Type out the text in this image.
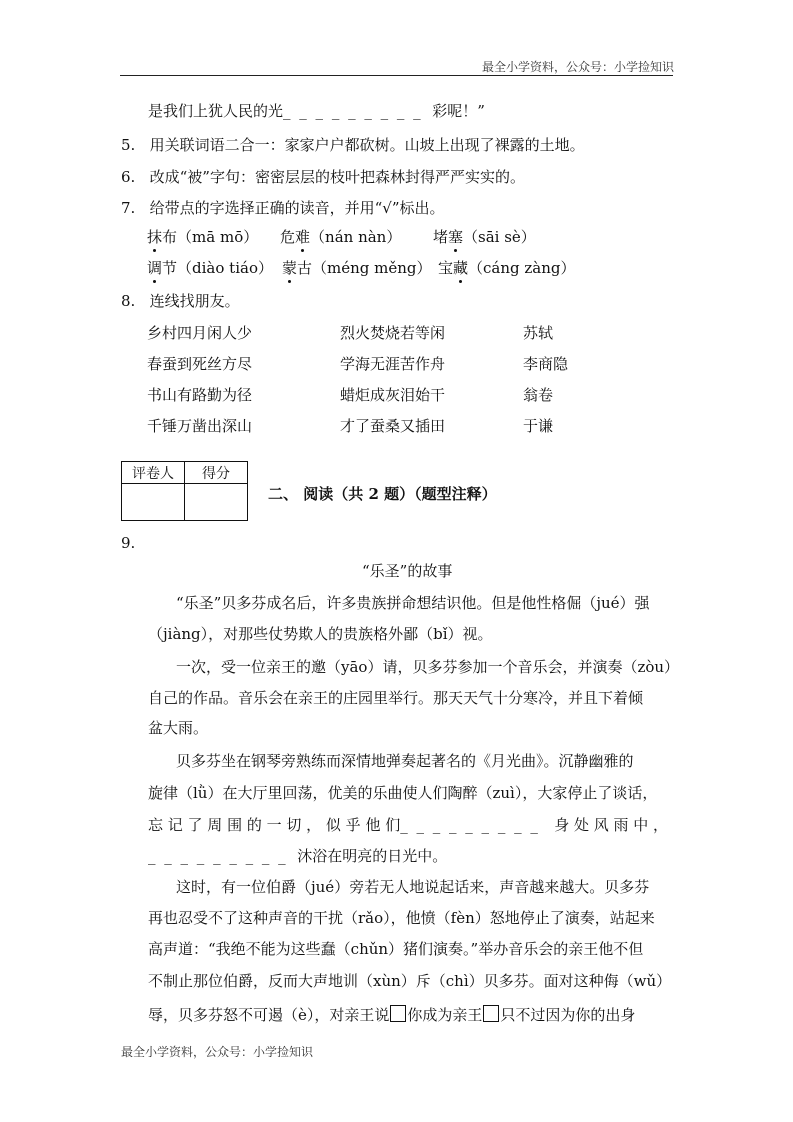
最全小学资料，公众号：小学捡知识
是我们上犹人民的光_ _ _ _ _ _ _ _ _ 彩呢！”
5. 用关联词语二合一：家家户户都砍树。山坡上出现了裸露的土地。
6. 改成“被”字句：密密层层的枝叶把森林封得严严实实的。
7. 给带点的字选择正确的读音，并用“√”标出。
抹布（mā mō） 危难（nán nàn） 堵塞（sāi sè）
调节（diào tiáo） 蒙古（méng měng） 宝藏（cáng zàng）
8. 连线找朋友。
乡村四月闲人少	烈火焚烧若等闲	苏轼
春蚕到死丝方尽	学海无涯苦作舟	李商隐
书山有路勤为径	蜡炬成灰泪始干	翁卷
千锤万凿出深山	才了蚕桑又插田	于谦
评卷人	得分

二、 阅读（共 2 题）（题型注释）
9.
“乐圣”的故事
“乐圣”贝多芬成名后，许多贵族拼命想结识他。但是他性格倔（jué）强
（jiàng），对那些仗势欺人的贵族格外鄙（bǐ）视。
一次，受一位亲王的邀（yāo）请，贝多芬参加一个音乐会，并演奏（zòu）
自己的作品。音乐会在亲王的庄园里举行。那天天气十分寒冷，并且下着倾
盆大雨。
贝多芬坐在钢琴旁熟练而深情地弹奏起著名的《月光曲》。沉静幽雅的
旋律（lǜ）在大厅里回荡，优美的乐曲使人们陶醉（zuì），大家停止了谈话，
忘 记 了 周 围 的 一 切 ， 似 乎 他 们_ _ _ _ _ _ _ _ _ 身 处 风 雨 中 ，
_ _ _ _ _ _ _ _ _ 沐浴在明亮的日光中。
这时，有一位伯爵（jué）旁若无人地说起话来，声音越来越大。贝多芬
再也忍受不了这种声音的干扰（rǎo），他愤（fèn）怒地停止了演奏，站起来
高声道：“我绝不能为这些蠢（chǔn）猪们演奏。”举办音乐会的亲王他不但
不制止那位伯爵，反而大声地训（xùn）斥（chì）贝多芬。面对这种侮（wǔ）
辱，贝多芬怒不可遏（è），对亲王说 你成为亲王 只不过因为你的出身
最全小学资料，公众号：小学捡知识
